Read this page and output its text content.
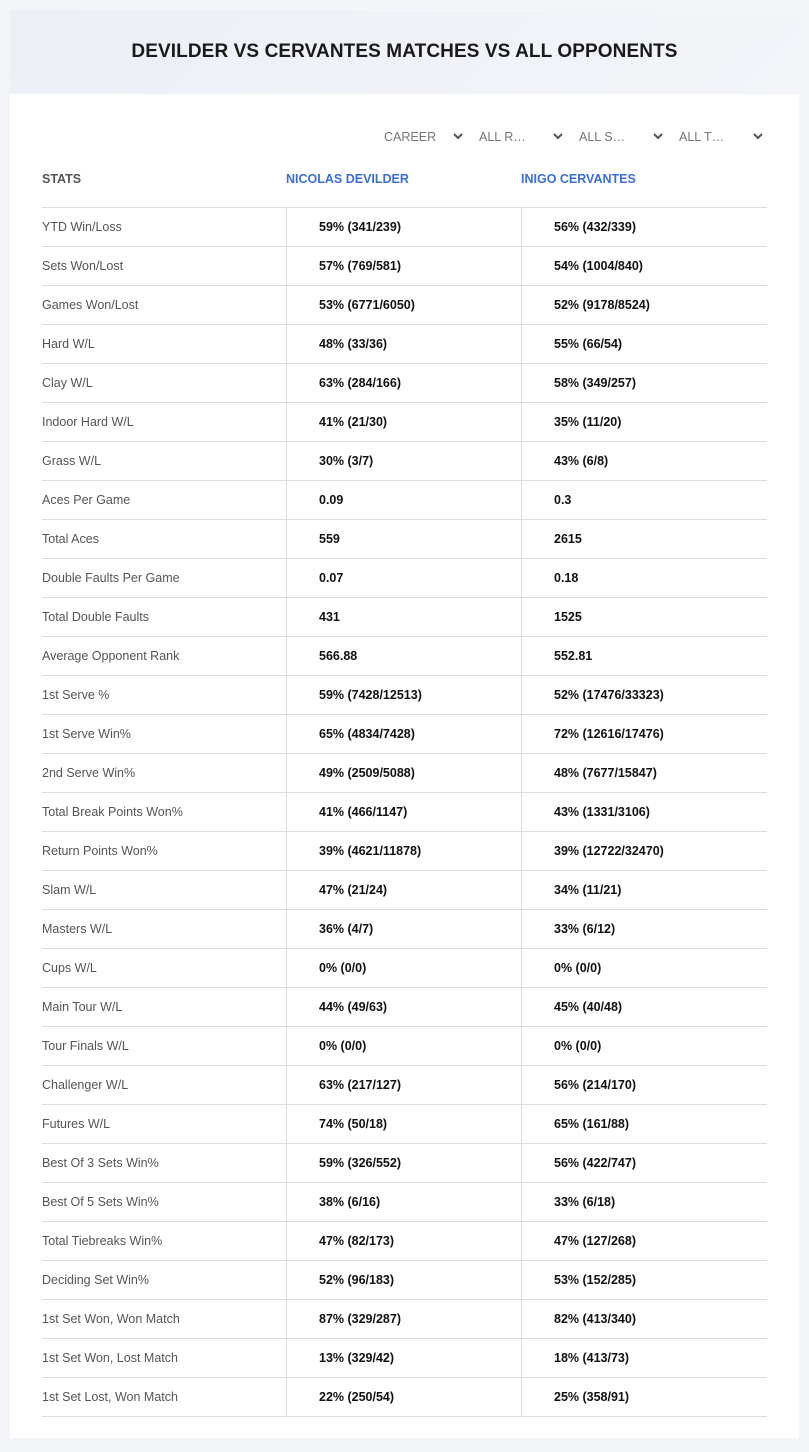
DEVILDER VS CERVANTES MATCHES VS ALL OPPONENTS
CAREER	ALL R…	ALL S…	ALL T…
STATS	NICOLAS DEVILDER	INIGO CERVANTES
YTD Win/Loss	59% (341/239)	56% (432/339)
Sets Won/Lost	57% (769/581)	54% (1004/840)
Games Won/Lost	53% (6771/6050)	52% (9178/8524)
Hard W/L	48% (33/36)	55% (66/54)
Clay W/L	63% (284/166)	58% (349/257)
Indoor Hard W/L	41% (21/30)	35% (11/20)
Grass W/L	30% (3/7)	43% (6/8)
Aces Per Game	0.09	0.3
Total Aces	559	2615
Double Faults Per Game	0.07	0.18
Total Double Faults	431	1525
Average Opponent Rank	566.88	552.81
1st Serve %	59% (7428/12513)	52% (17476/33323)
1st Serve Win%	65% (4834/7428)	72% (12616/17476)
2nd Serve Win%	49% (2509/5088)	48% (7677/15847)
Total Break Points Won%	41% (466/1147)	43% (1331/3106)
Return Points Won%	39% (4621/11878)	39% (12722/32470)
Slam W/L	47% (21/24)	34% (11/21)
Masters W/L	36% (4/7)	33% (6/12)
Cups W/L	0% (0/0)	0% (0/0)
Main Tour W/L	44% (49/63)	45% (40/48)
Tour Finals W/L	0% (0/0)	0% (0/0)
Challenger W/L	63% (217/127)	56% (214/170)
Futures W/L	74% (50/18)	65% (161/88)
Best Of 3 Sets Win%	59% (326/552)	56% (422/747)
Best Of 5 Sets Win%	38% (6/16)	33% (6/18)
Total Tiebreaks Win%	47% (82/173)	47% (127/268)
Deciding Set Win%	52% (96/183)	53% (152/285)
1st Set Won, Won Match	87% (329/287)	82% (413/340)
1st Set Won, Lost Match	13% (329/42)	18% (413/73)
1st Set Lost, Won Match	22% (250/54)	25% (358/91)
